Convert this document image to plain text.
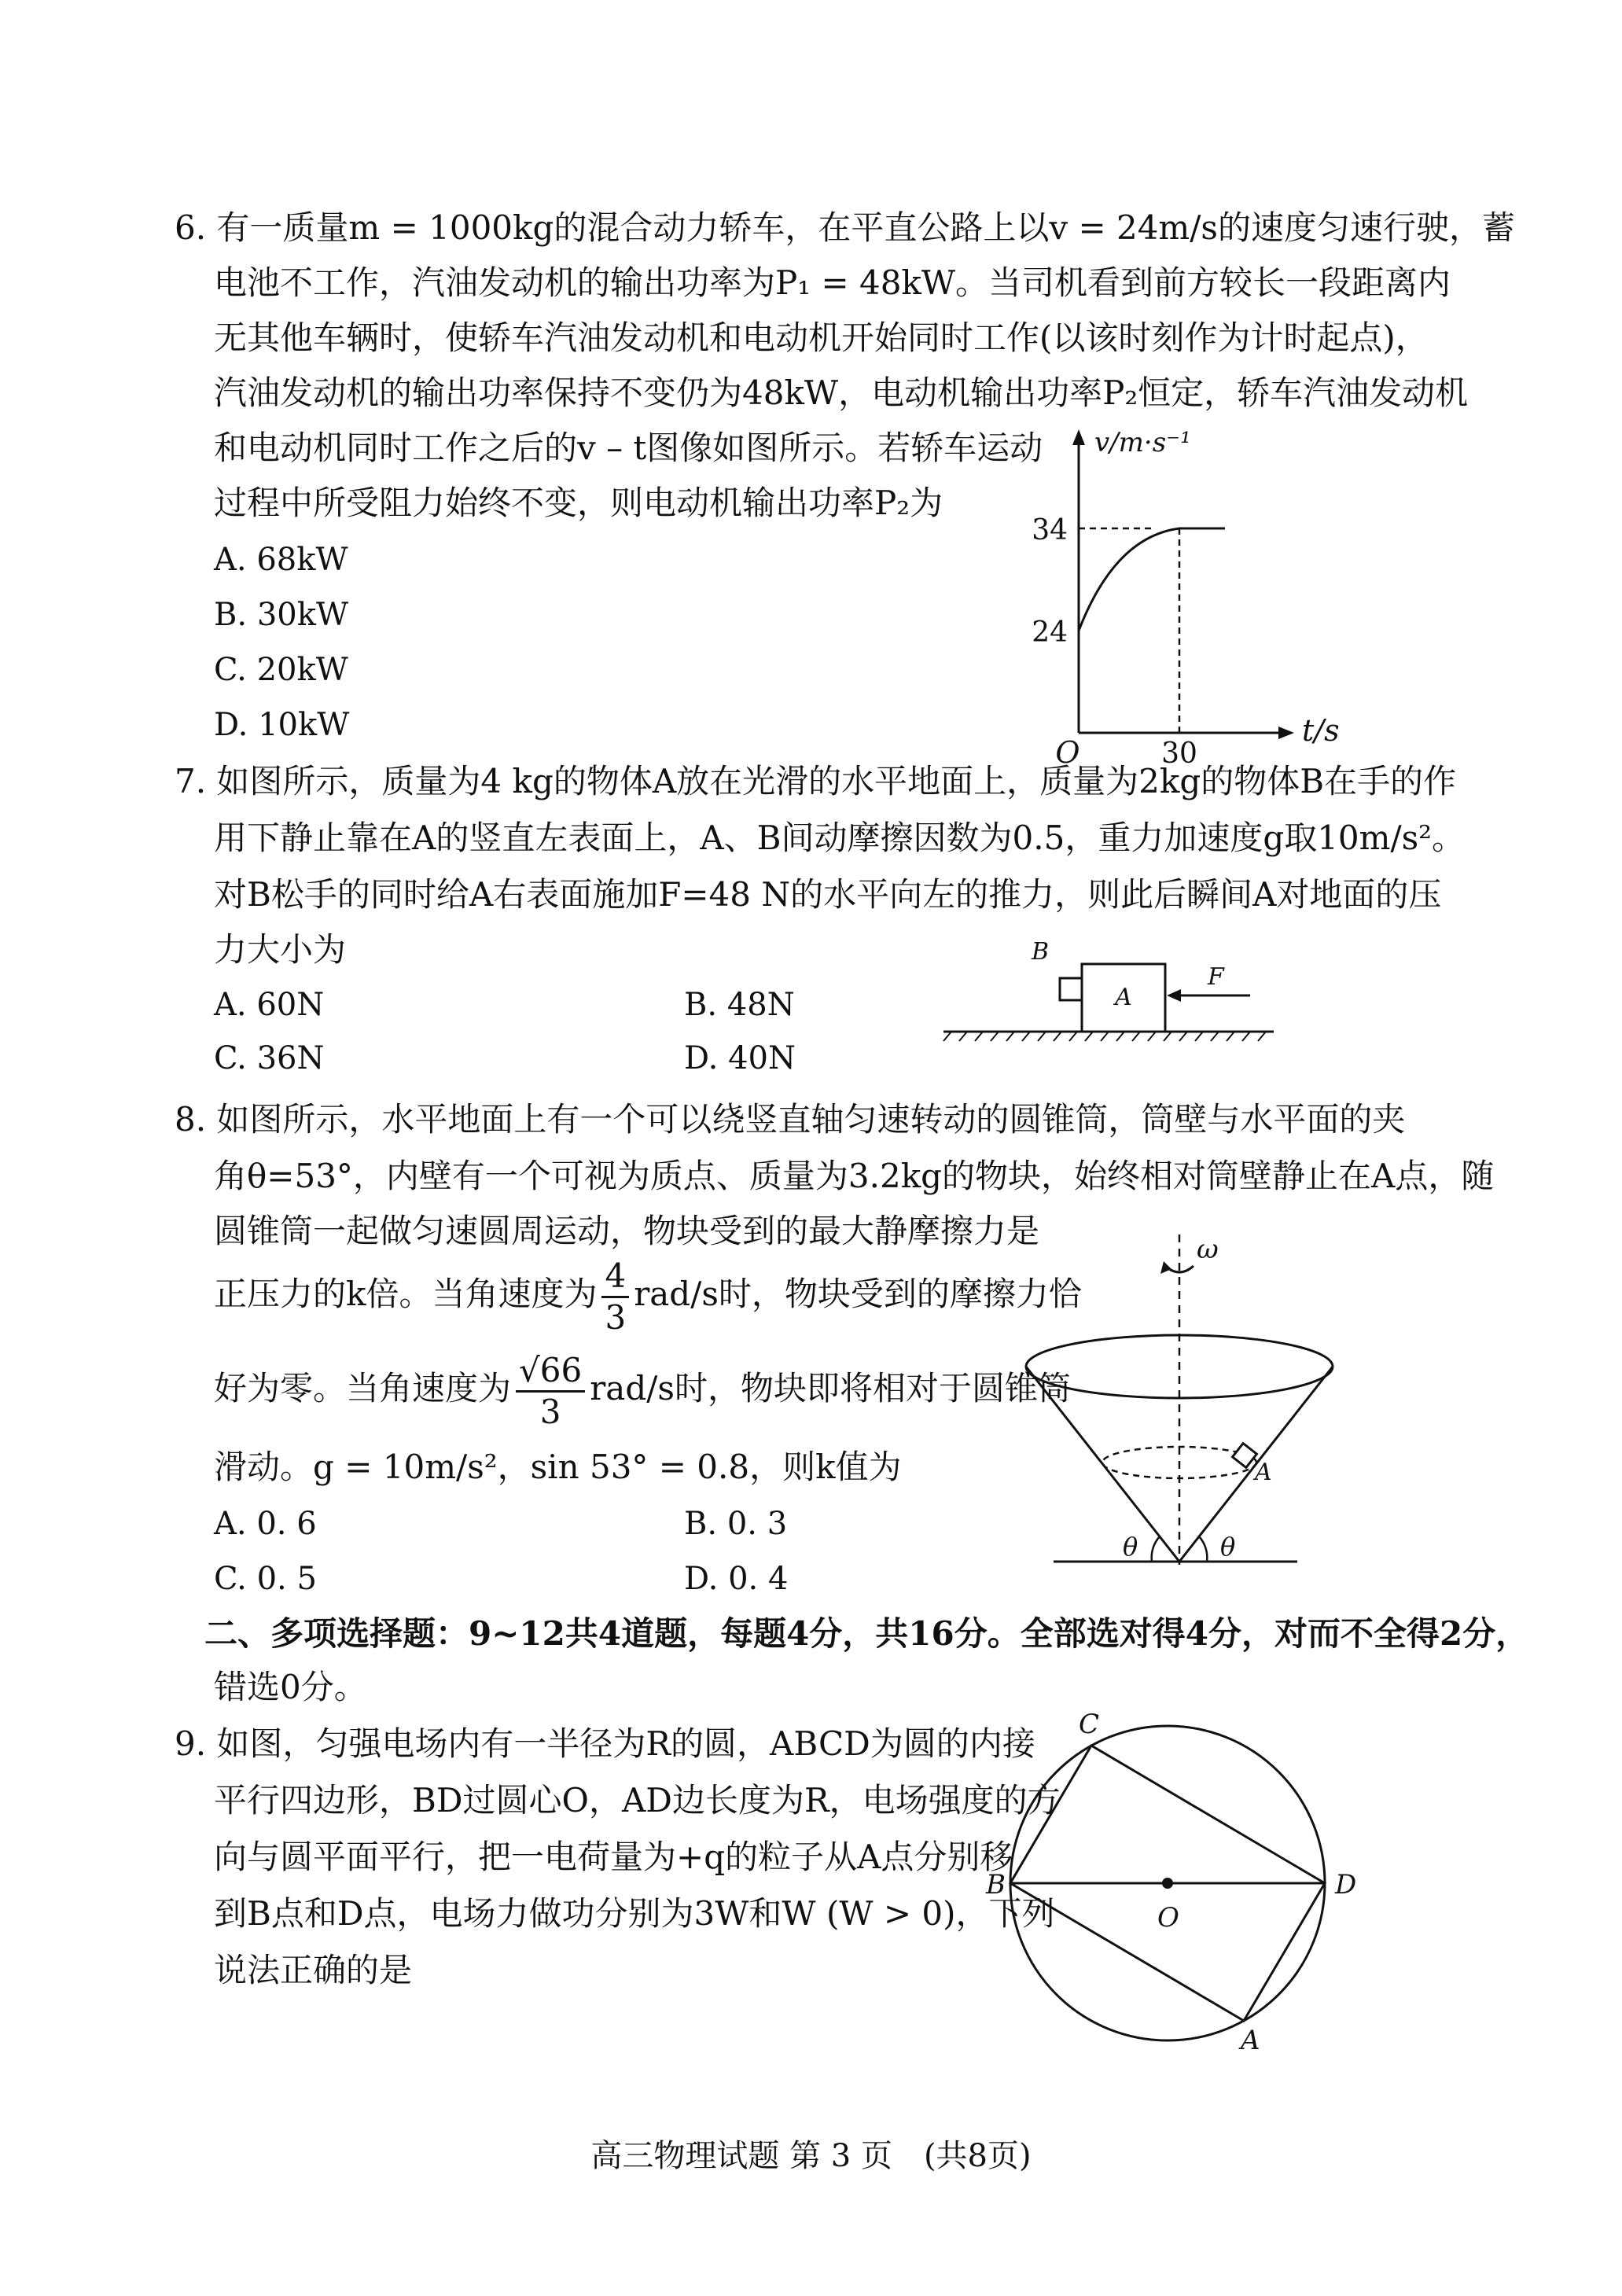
6. 有一质量m = 1000kg的混合动力轿车，在平直公路上以v = 24m/s的速度匀速行驶，蓄
电池不工作，汽油发动机的输出功率为P₁ = 48kW。当司机看到前方较长一段距离内
无其他车辆时，使轿车汽油发动机和电动机开始同时工作(以该时刻作为计时起点)，
汽油发动机的输出功率保持不变仍为48kW，电动机输出功率P₂恒定，轿车汽油发动机
和电动机同时工作之后的v – t图像如图所示。若轿车运动
过程中所受阻力始终不变，则电动机输出功率P₂为
A. 68kW
B. 30kW
C. 20kW
D. 10kW
v/m·s⁻¹
34
24
30
O
t/s
7. 如图所示，质量为4 kg的物体A放在光滑的水平地面上，质量为2kg的物体B在手的作
用下静止靠在A的竖直左表面上，A、B间动摩擦因数为0.5，重力加速度g取10m/s²。
对B松手的同时给A右表面施加F=48 N的水平向左的推力，则此后瞬间A对地面的压
力大小为
A. 60N	B. 48N
C. 36N	D. 40N
B
A
F
8. 如图所示，水平地面上有一个可以绕竖直轴匀速转动的圆锥筒，筒壁与水平面的夹
角θ=53°，内壁有一个可视为质点、质量为3.2kg的物块，始终相对筒壁静止在A点，随
圆锥筒一起做匀速圆周运动，物块受到的最大静摩擦力是
正压力的k倍。当角速度为 $\frac{4}{3} rad/s$时，物块受到的摩擦力恰
好为零。当角速度为 $\frac{√66}{3} rad/s$时，物块即将相对于圆锥筒
滑动。g = 10m/s²，sin 53° = 0.8，则k值为
A. 0. 6	B. 0. 3
C. 0. 5	D. 0. 4
ω
A
θ	θ
二、多项选择题：9~12共4道题，每题4分，共16分。全部选对得4分，对而不全得2分，
错选0分。
9. 如图，匀强电场内有一半径为R的圆，ABCD为圆的内接
平行四边形，BD过圆心O，AD边长度为R，电场强度的方
向与圆平面平行，把一电荷量为+q的粒子从A点分别移
到B点和D点，电场力做功分别为3W和W (W > 0)，下列
说法正确的是
C
B
O
D
A
高三物理试题 第 3 页　(共8页)
